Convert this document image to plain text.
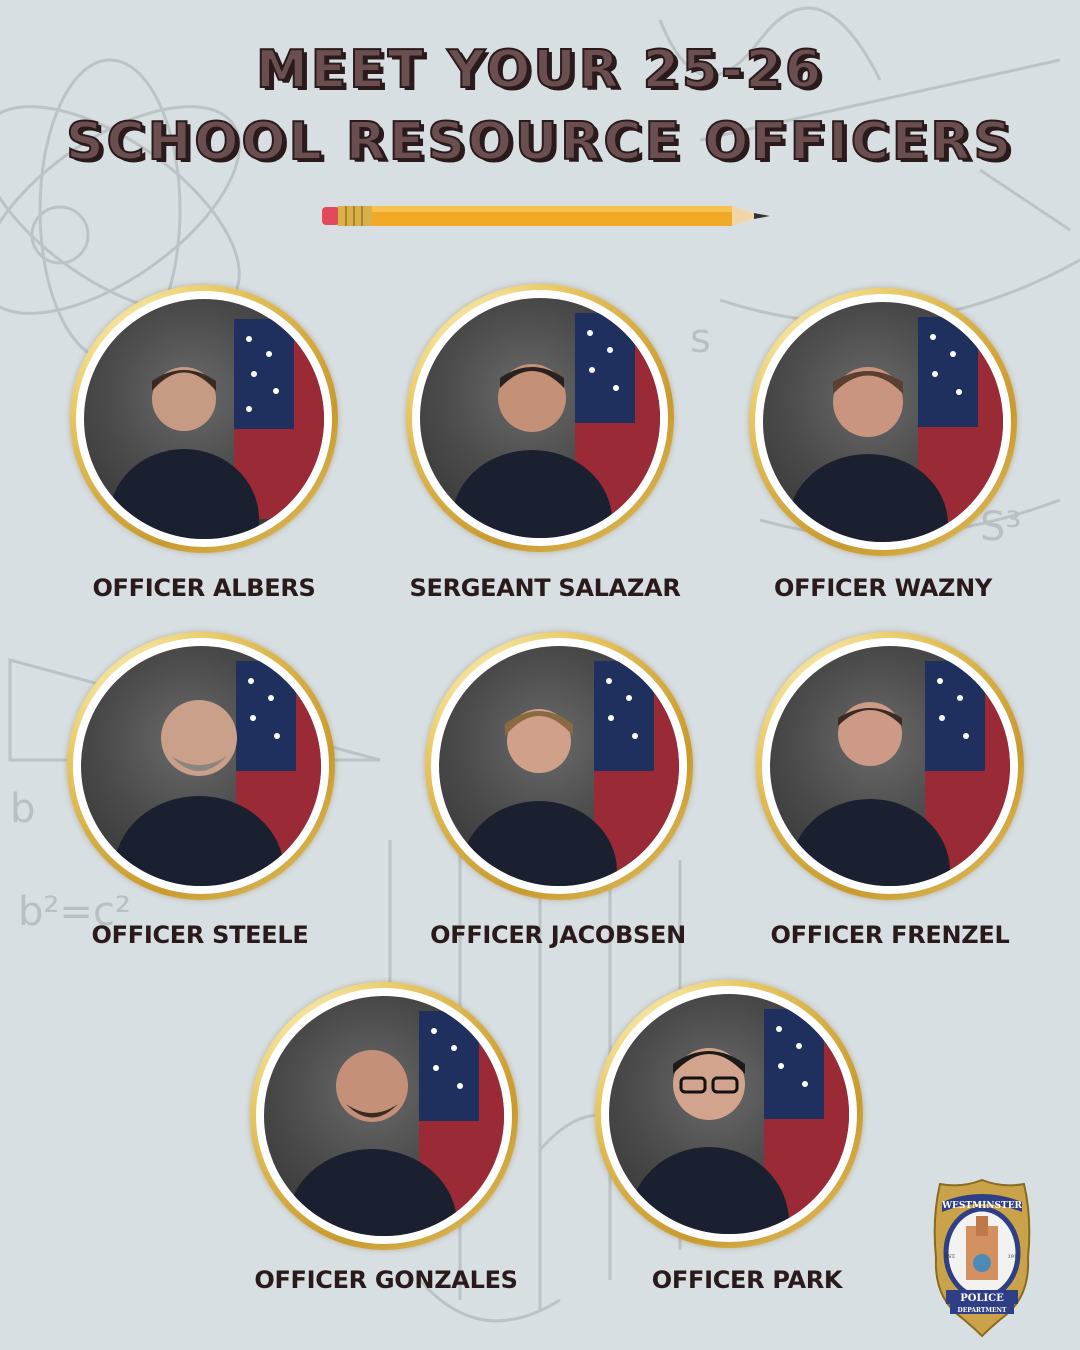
b
b²=c²
s
S³
MEET YOUR 25-26
SCHOOL RESOURCE OFFICERS
OFFICER ALBERS	SERGEANT SALAZAR	OFFICER WAZNY
OFFICER STEELE	OFFICER JACOBSEN	OFFICER FRENZEL
OFFICER GONZALES	OFFICER PARK
WESTMINSTER
EST.	1911
POLICE
DEPARTMENT
